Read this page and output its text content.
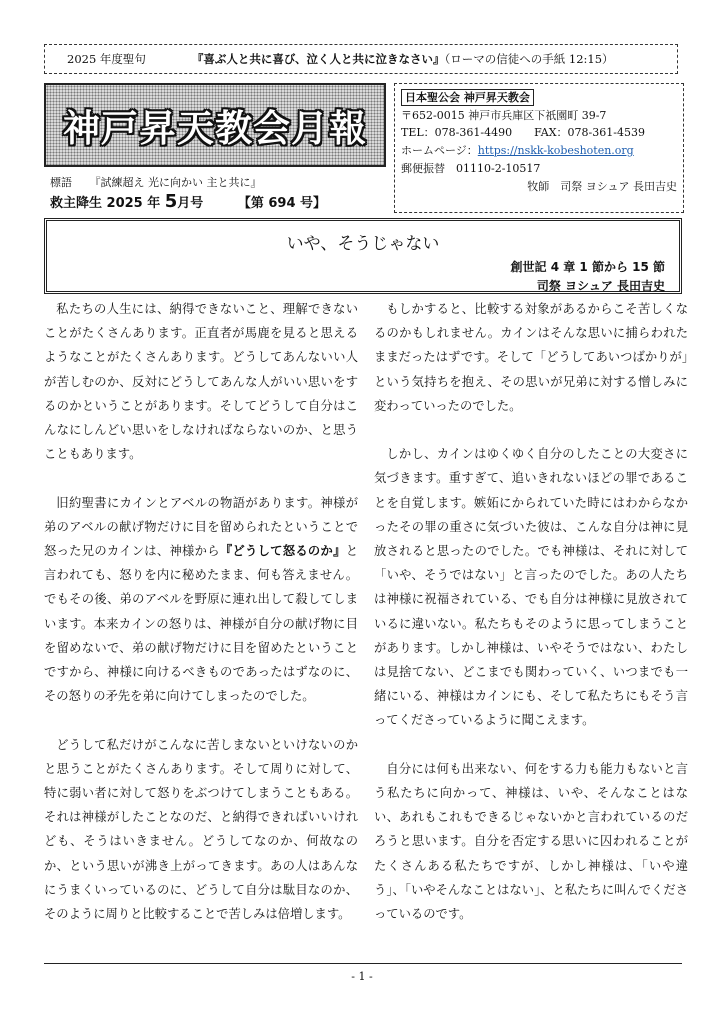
2025 年度聖句	『喜ぶ人と共に喜び、泣く人と共に泣きなさい』（ローマの信徒への手紙 12:15）
神戸昇天教会月報
標語 『試練超え 光に向かい 主と共に』
救主降生 2025 年 5月号	【第 694 号】
日本聖公会 神戸昇天教会
〒652-0015 神戸市兵庫区下祇園町 39-7
TEL：078-361-4490　　FAX：078-361-4539
ホームページ：https://nskk-kobeshoten.org
郵便振替　01110-2-10517
牧師　司祭 ヨシュア 長田吉史
いや、そうじゃない
創世記 4 章 1 節から 15 節
司祭 ヨシュア 長田吉史

私たちの人生には、納得できないこと、理解できないことがたくさんあります。正直者が馬鹿を見ると思えるようなことがたくさんあります。どうしてあんないい人が苦しむのか、反対にどうしてあんな人がいい思いをするのかということがあります。そしてどうして自分はこんなにしんどい思いをしなければならないのか、と思うこともあります。

旧約聖書にカインとアベルの物語があります。神様が弟のアベルの献げ物だけに目を留められたということで怒った兄のカインは、神様から『どうして怒るのか』と言われても、怒りを内に秘めたまま、何も答えません。でもその後、弟のアベルを野原に連れ出して殺してしまいます。本来カインの怒りは、神様が自分の献げ物に目を留めないで、弟の献げ物だけに目を留めたということですから、神様に向けるべきものであったはずなのに、その怒りの矛先を弟に向けてしまったのでした。

どうして私だけがこんなに苦しまないといけないのかと思うことがたくさんあります。そして周りに対して、特に弱い者に対して怒りをぶつけてしまうこともある。それは神様がしたことなのだ、と納得できればいいけれども、そうはいきません。どうしてなのか、何故なのか、という思いが沸き上がってきます。あの人はあんなにうまくいっているのに、どうして自分は駄目なのか、そのように周りと比較することで苦しみは倍増します。

もしかすると、比較する対象があるからこそ苦しくなるのかもしれません。カインはそんな思いに捕らわれたままだったはずです。そして「どうしてあいつばかりが」という気持ちを抱え、その思いが兄弟に対する憎しみに変わっていったのでした。

しかし、カインはゆくゆく自分のしたことの大変さに気づきます。重すぎて、追いきれないほどの罪であることを自覚します。嫉妬にかられていた時にはわからなかったその罪の重さに気づいた彼は、こんな自分は神に見放されると思ったのでした。でも神様は、それに対して「いや、そうではない」と言ったのでした。あの人たちは神様に祝福されている、でも自分は神様に見放されているに違いない。私たちもそのように思ってしまうことがあります。しかし神様は、いやそうではない、わたしは見捨てない、どこまでも関わっていく、いつまでも一緒にいる、神様はカインにも、そして私たちにもそう言ってくださっているように聞こえます。

自分には何も出来ない、何をする力も能力もないと言う私たちに向かって、神様は、いや、そんなことはない、あれもこれもできるじゃないかと言われているのだろうと思います。自分を否定する思いに囚われることがたくさんある私たちですが、しかし神様は、「いや違う」、「いやそんなことはない」、と私たちに叫んでくださっているのです。

- 1 -
